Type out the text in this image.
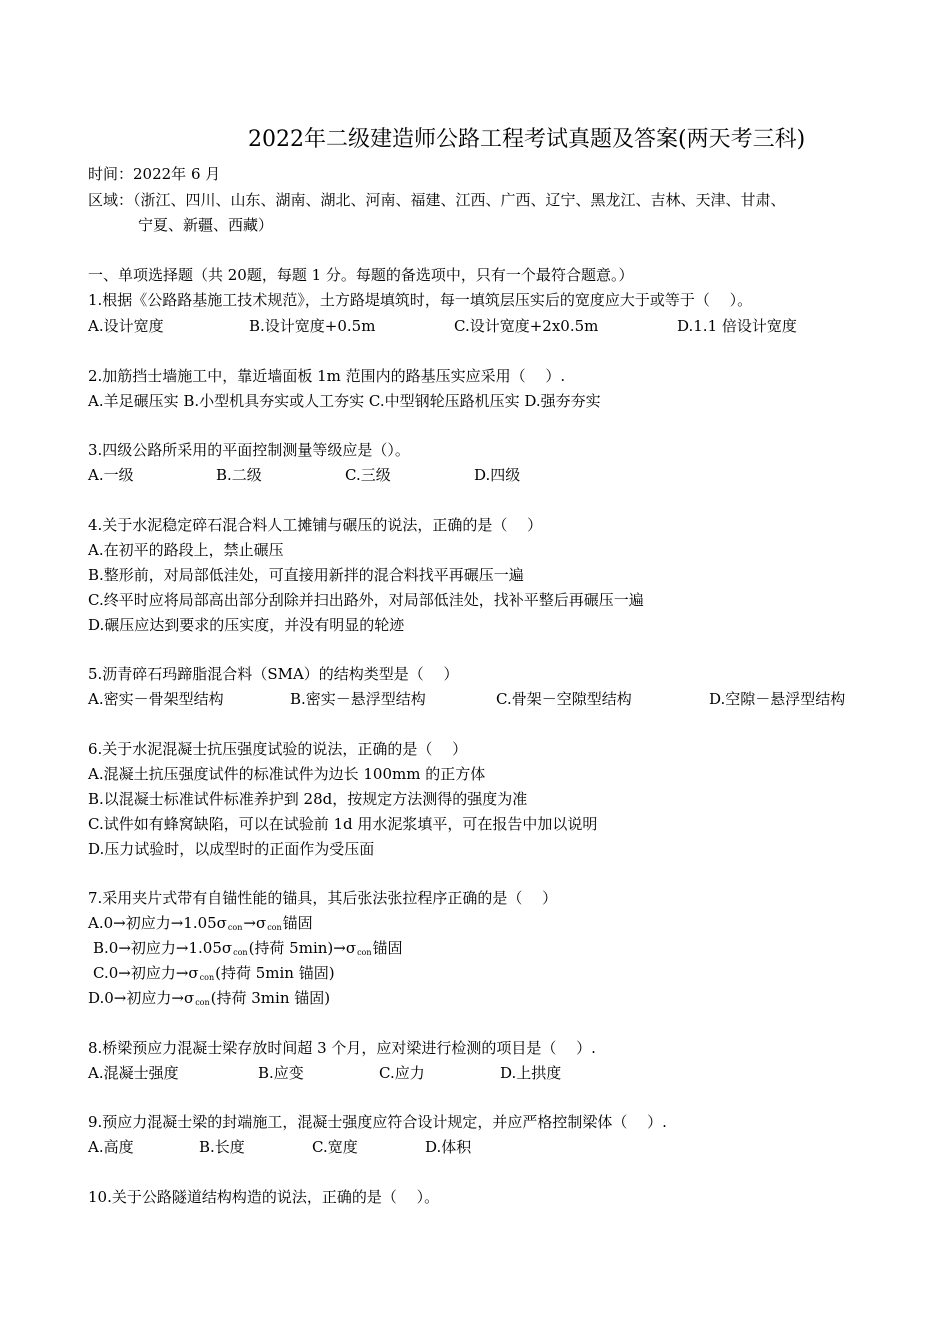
2022年二级建造师公路工程考试真题及答案(两天考三科)
时间：2022年 6 月
区域：（浙江、四川、山东、湖南、湖北、河南、福建、江西、广西、辽宁、黑龙江、吉林、天津、甘肃、
宁夏、新疆、西藏）
一、单项选择题（共 20题，每题 1 分。每题的备选项中，只有一个最符合题意。）
1.根据《公路路基施工技术规范》，土方路堤填筑时，每一填筑层压实后的宽度应大于或等于（　 ）。
A.设计宽度	B.设计宽度+0.5m	C.设计宽度+2x0.5m	D.1.1 倍设计宽度
2.加筋挡士墙施工中，靠近墙面板 1m 范围内的路基压实应采用（　 ）.
A.羊足碾压实 B.小型机具夯实或人工夯实 C.中型钢轮压路机压实 D.强夯夯实
3.四级公路所采用的平面控制测量等级应是（）。
A.一级	B.二级	C.三级	D.四级
4.关于水泥稳定碎石混合料人工摊铺与碾压的说法，正确的是（　 ）
A.在初平的路段上，禁止碾压
B.整形前，对局部低洼处，可直接用新拌的混合料找平再碾压一遍
C.终平时应将局部高出部分刮除并扫出路外，对局部低洼处，找补平整后再碾压一遍
D.碾压应达到要求的压实度，并没有明显的轮迹
5.沥青碎石玛蹄脂混合料（SMA）的结构类型是（　 ）
A.密实－骨架型结构	B.密实－悬浮型结构	C.骨架－空隙型结构	D.空隙－悬浮型结构
6.关于水泥混凝士抗压强度试验的说法，正确的是（　 ）
A.混凝土抗压强度试件的标准试件为边长 100mm 的正方体
B.以混凝士标准试件标准养护到 28d，按规定方法测得的强度为准
C.试件如有蜂窝缺陷，可以在试验前 1d 用水泥浆填平，可在报告中加以说明
D.压力试验时，以成型时的正面作为受压面
7.采用夹片式带有自锚性能的锚具，其后张法张拉程序正确的是（　 ）
A.0→初应力$\to 1.05\sigma_{con}\to\sigma_{con}$锚固
B.0→初应力$\to 1.05\sigma_{con}$(持荷 $5\min)\to\sigma_{con}$锚固
C.0→初应力$\to\sigma_{con}$(持荷 5min 锚固)
D.0→初应力$\to\sigma_{con}$(持荷 3min 锚固)
8.桥梁预应力混凝士梁存放时间超 3 个月，应对梁进行检测的项目是（　 ）.
A.混凝士强度	B.应变	C.应力	D.上拱度
9.预应力混凝士梁的封端施工，混凝士强度应符合设计规定，并应严格控制梁体（　 ）.
A.高度	B.长度	C.宽度	D.体积
10.关于公路隧道结构构造的说法，正确的是（　 ）。
